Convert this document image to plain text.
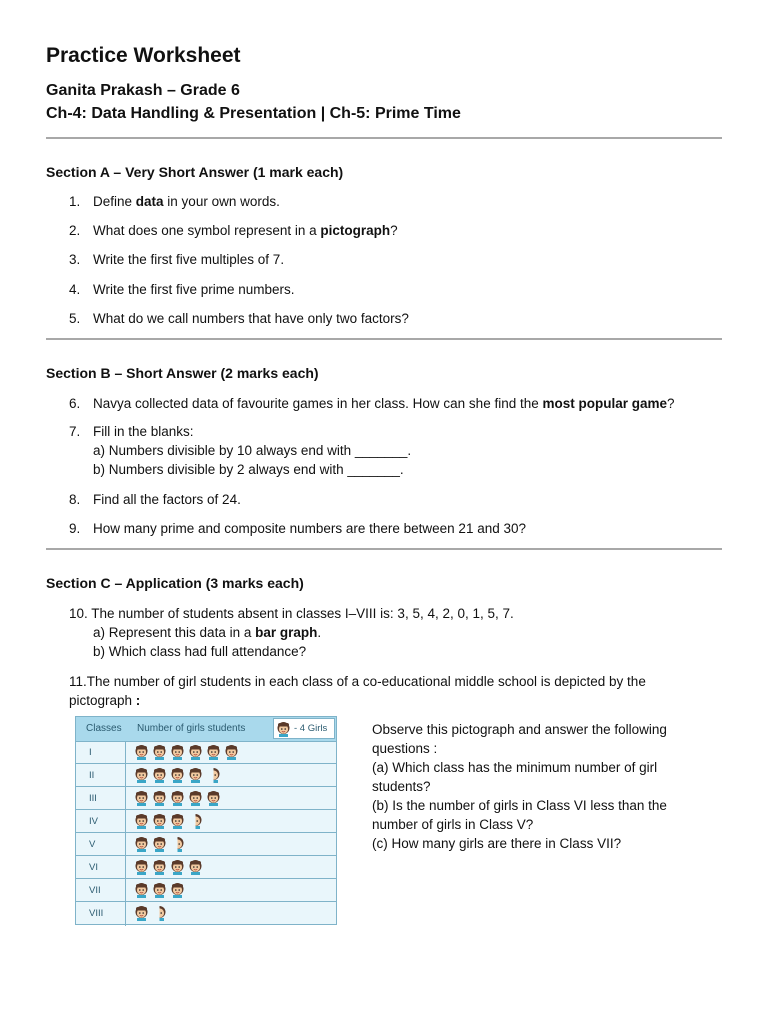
Practice Worksheet
Ganita Prakash – Grade 6
Ch-4: Data Handling & Presentation | Ch-5: Prime Time
Section A – Very Short Answer (1 mark each)
1. Define data in your own words.
2. What does one symbol represent in a pictograph?
3. Write the first five multiples of 7.
4. Write the first five prime numbers.
5. What do we call numbers that have only two factors?
Section B – Short Answer (2 marks each)
6. Navya collected data of favourite games in her class. How can she find the most popular game?
7. Fill in the blanks:
a) Numbers divisible by 10 always end with _______.
b) Numbers divisible by 2 always end with _______.
8. Find all the factors of 24.
9. How many prime and composite numbers are there between 21 and 30?
Section C – Application (3 marks each)
10. The number of students absent in classes I–VIII is: 3, 5, 4, 2, 0, 1, 5, 7.
a) Represent this data in a bar graph.
b) Which class had full attendance?
11.The number of girl students in each class of a co-educational middle school is depicted by the pictograph :
Classes Number of girls students	- 4 Girls
I
II
III
IV
V
VI
VII
VIII
Observe this pictograph and answer the following questions :
(a) Which class has the minimum number of girl students?
(b) Is the number of girls in Class VI less than the number of girls in Class V?
(c) How many girls are there in Class VII?
